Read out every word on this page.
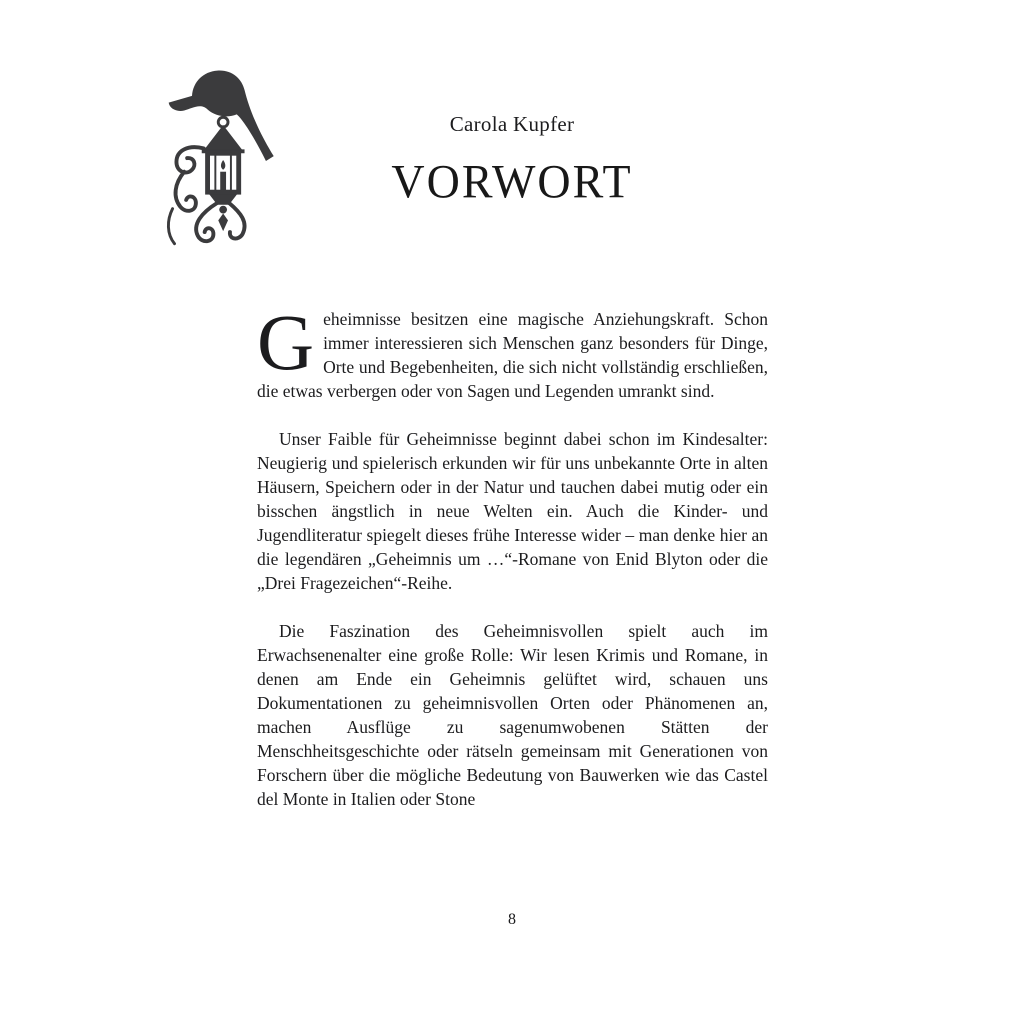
Carola Kupfer
VORWORT

Geheimnisse besitzen eine magische Anziehungskraft. Schon immer interessieren sich Menschen ganz besonders für Dinge, Orte und Begebenheiten, die sich nicht vollständig erschließen, die etwas verbergen oder von Sagen und Legenden umrankt sind.

Unser Faible für Geheimnisse beginnt dabei schon im Kindesalter: Neugierig und spielerisch erkunden wir für uns unbekannte Orte in alten Häusern, Speichern oder in der Natur und tauchen dabei mutig oder ein bisschen ängstlich in neue Welten ein. Auch die Kinder- und Jugendliteratur spiegelt dieses frühe Interesse wider – man denke hier an die legendären „Geheimnis um …“-Romane von Enid Blyton oder die „Drei Fragezeichen“-Reihe.

Die Faszination des Geheimnisvollen spielt auch im Erwachsenenalter eine große Rolle: Wir lesen Krimis und Romane, in denen am Ende ein Geheimnis gelüftet wird, schauen uns Dokumentationen zu geheimnisvollen Orten oder Phänomenen an, machen Ausflüge zu sagenumwobenen Stätten der Menschheitsgeschichte oder rätseln gemeinsam mit Generationen von Forschern über die mögliche Bedeutung von Bauwerken wie das Castel del Monte in Italien oder Stone

8
